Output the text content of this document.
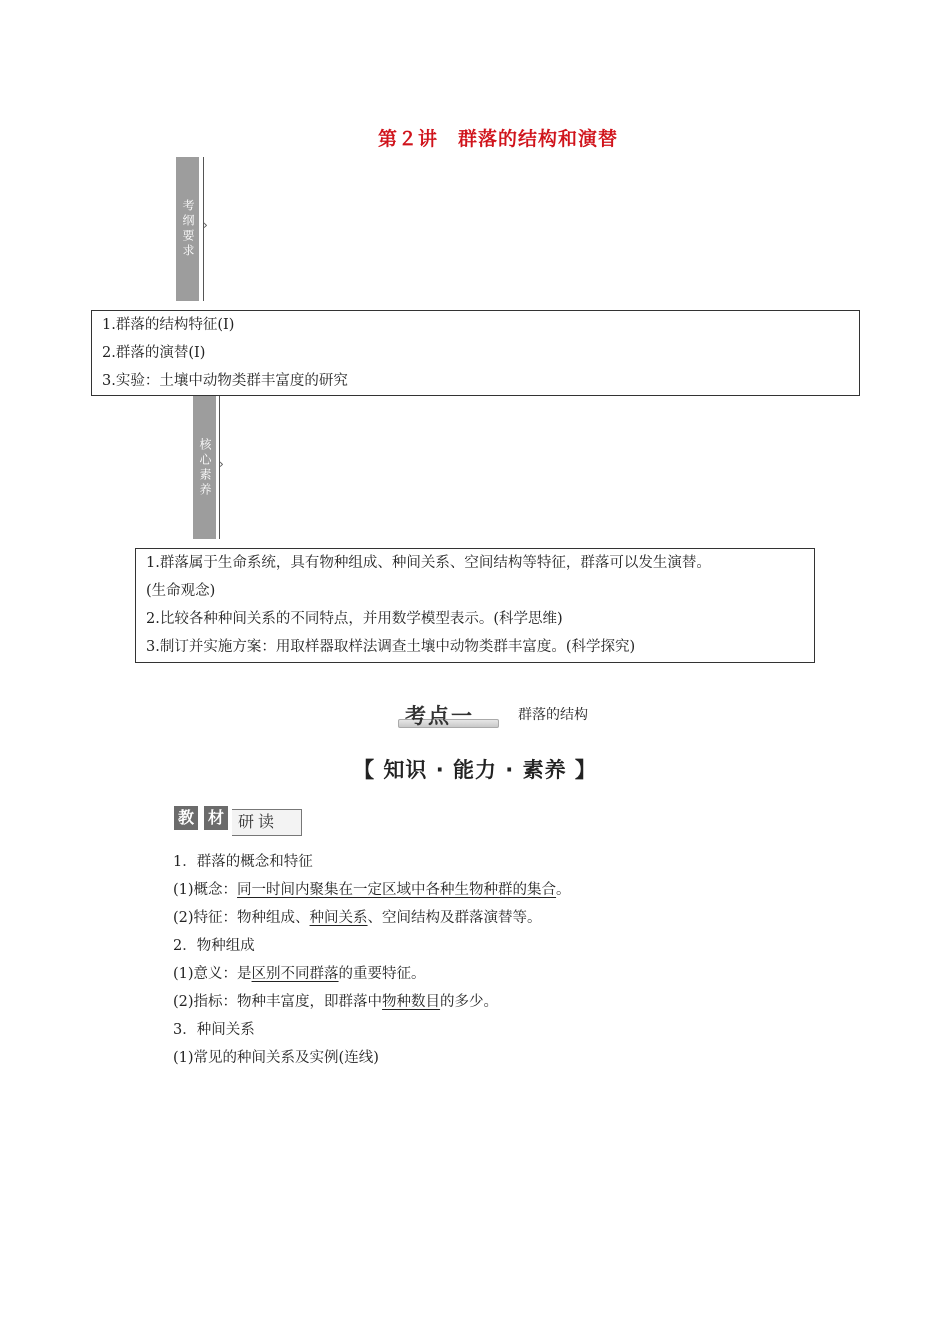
第２讲　群落的结构和演替
考纲要求 ›
1.群落的结构特征(Ⅰ)
2.群落的演替(Ⅰ)
3.实验：土壤中动物类群丰富度的研究
核心素养 ›
1.群落属于生命系统，具有物种组成、种间关系、空间结构等特征，群落可以发生演替。
(生命观念)
2.比较各种种间关系的不同特点，并用数学模型表示。(科学思维)
3.制订并实施方案：用取样器取样法调查土壤中动物类群丰富度。(科学探究)
考点一	群落的结构
【 知识 · 能力 · 素养 】
教 材 研读
1．群落的概念和特征
(1)概念：同一时间内聚集在一定区域中各种生物种群的集合。
(2)特征：物种组成、种间关系、空间结构及群落演替等。
2．物种组成
(1)意义：是区别不同群落的重要特征。
(2)指标：物种丰富度，即群落中物种数目的多少。
3．种间关系
(1)常见的种间关系及实例(连线)
